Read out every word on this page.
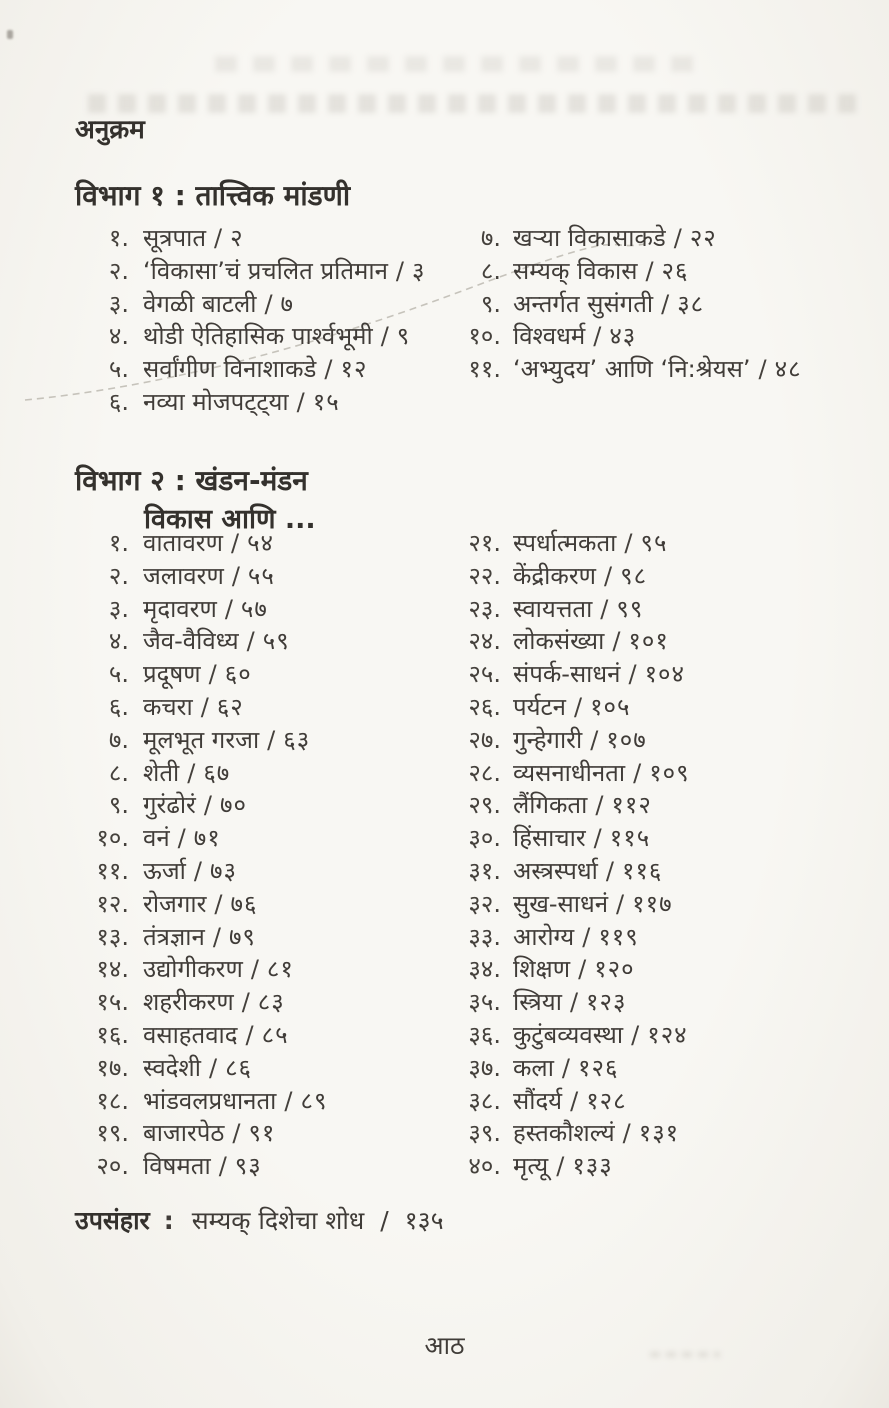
अनुक्रम
विभाग १ : तात्त्विक मांडणी
१. सूत्रपात / २
२. ‘विकासा’चं प्रचलित प्रतिमान / ३
३. वेगळी बाटली / ७
४. थोडी ऐतिहासिक पार्श्वभूमी / ९
५. सर्वांगीण विनाशाकडे / १२
६. नव्या मोजपट्ट्या / १५
७. खऱ्या विकासाकडे / २२
८. सम्यक् विकास / २६
९. अन्तर्गत सुसंगती / ३८
१०. विश्वधर्म / ४३
११. ‘अभ्युदय’ आणि ‘नि:श्रेयस’ / ४८
विभाग २ : खंडन-मंडन
विकास आणि ...
१. वातावरण / ५४
२. जलावरण / ५५
३. मृदावरण / ५७
४. जैव-वैविध्य / ५९
५. प्रदूषण / ६०
६. कचरा / ६२
७. मूलभूत गरजा / ६३
८. शेती / ६७
९. गुरंढोरं / ७०
१०. वनं / ७१
११. ऊर्जा / ७३
१२. रोजगार / ७६
१३. तंत्रज्ञान / ७९
१४. उद्योगीकरण / ८१
१५. शहरीकरण / ८३
१६. वसाहतवाद / ८५
१७. स्वदेशी / ८६
१८. भांडवलप्रधानता / ८९
१९. बाजारपेठ / ९१
२०. विषमता / ९३
२१. स्पर्धात्मकता / ९५
२२. केंद्रीकरण / ९८
२३. स्वायत्तता / ९९
२४. लोकसंख्या / १०१
२५. संपर्क-साधनं / १०४
२६. पर्यटन / १०५
२७. गुन्हेगारी / १०७
२८. व्यसनाधीनता / १०९
२९. लैंगिकता / ११२
३०. हिंसाचार / ११५
३१. अस्त्रस्पर्धा / ११६
३२. सुख-साधनं / ११७
३३. आरोग्य / ११९
३४. शिक्षण / १२०
३५. स्त्रिया / १२३
३६. कुटुंबव्यवस्था / १२४
३७. कला / १२६
३८. सौंदर्य / १२८
३९. हस्तकौशल्यं / १३१
४०. मृत्यू / १३३
उपसंहार : सम्यक् दिशेचा शोध / १३५
आठ
